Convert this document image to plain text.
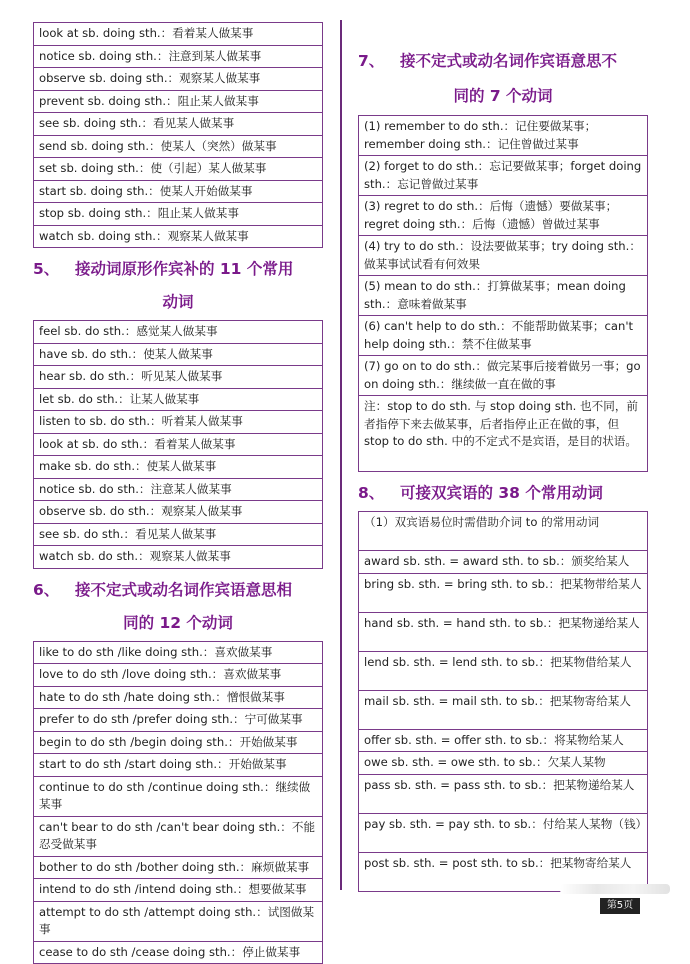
look at sb. doing sth.：看着某人做某事
notice sb. doing sth.：注意到某人做某事
observe sb. doing sth.：观察某人做某事
prevent sb. doing sth.：阻止某人做某事
see sb. doing sth.：看见某人做某事
send sb. doing sth.：使某人（突然）做某事
set sb. doing sth.：使（引起）某人做某事
start sb. doing sth.：使某人开始做某事
stop sb. doing sth.：阻止某人做某事
watch sb. doing sth.：观察某人做某事
5、	接动词原形作宾补的 11 个常用
动词
feel sb. do sth.：感觉某人做某事
have sb. do sth.：使某人做某事
hear sb. do sth.：听见某人做某事
let sb. do sth.：让某人做某事
listen to sb. do sth.：听着某人做某事
look at sb. do sth.：看着某人做某事
make sb. do sth.：使某人做某事
notice sb. do sth.：注意某人做某事
observe sb. do sth.：观察某人做某事
see sb. do sth.：看见某人做某事
watch sb. do sth.：观察某人做某事
6、	接不定式或动名词作宾语意思相
同的 12 个动词
like to do sth /like doing sth.：喜欢做某事
love to do sth /love doing sth.：喜欢做某事
hate to do sth /hate doing sth.：憎恨做某事
prefer to do sth /prefer doing sth.：宁可做某事
begin to do sth /begin doing sth.：开始做某事
start to do sth /start doing sth.：开始做某事
continue to do sth /continue doing sth.：继续做某事
can't bear to do sth /can't bear doing sth.：不能忍受做某事
bother to do sth /bother doing sth.：麻烦做某事
intend to do sth /intend doing sth.：想要做某事
attempt to do sth /attempt doing sth.：试图做某事
cease to do sth /cease doing sth.：停止做某事
7、	接不定式或动名词作宾语意思不
同的 7 个动词
(1) remember to do sth.：记住要做某事；remember doing sth.：记住曾做过某事
(2) forget to do sth.：忘记要做某事；forget doing sth.：忘记曾做过某事
(3) regret to do sth.：后悔（遗憾）要做某事；regret doing sth.：后悔（遗憾）曾做过某事
(4) try to do sth.：设法要做某事；try doing sth.：做某事试试看有何效果
(5) mean to do sth.：打算做某事；mean doing sth.：意味着做某事
(6) can't help to do sth.：不能帮助做某事；can't help doing sth.：禁不住做某事
(7) go on to do sth.：做完某事后接着做另一事；go on doing sth.：继续做一直在做的事
注：stop to do sth. 与 stop doing sth. 也不同，前者指停下来去做某事，后者指停止正在做的事，但 stop to do sth. 中的不定式不是宾语，是目的状语。
8、	可接双宾语的 38 个常用动词
（1）双宾语易位时需借助介词 to 的常用动词
award sb. sth. = award sth. to sb.：颁奖给某人
bring sb. sth. = bring sth. to sb.：把某物带给某人
hand sb. sth. = hand sth. to sb.：把某物递给某人
lend sb. sth. = lend sth. to sb.：把某物借给某人
mail sb. sth. = mail sth. to sb.：把某物寄给某人
offer sb. sth. = offer sth. to sb.：将某物给某人
owe sb. sth. = owe sth. to sb.：欠某人某物
pass sb. sth. = pass sth. to sb.：把某物递给某人
pay sb. sth. = pay sth. to sb.：付给某人某物（钱）
post sb. sth. = post sth. to sb.：把某物寄给某人
第5页
